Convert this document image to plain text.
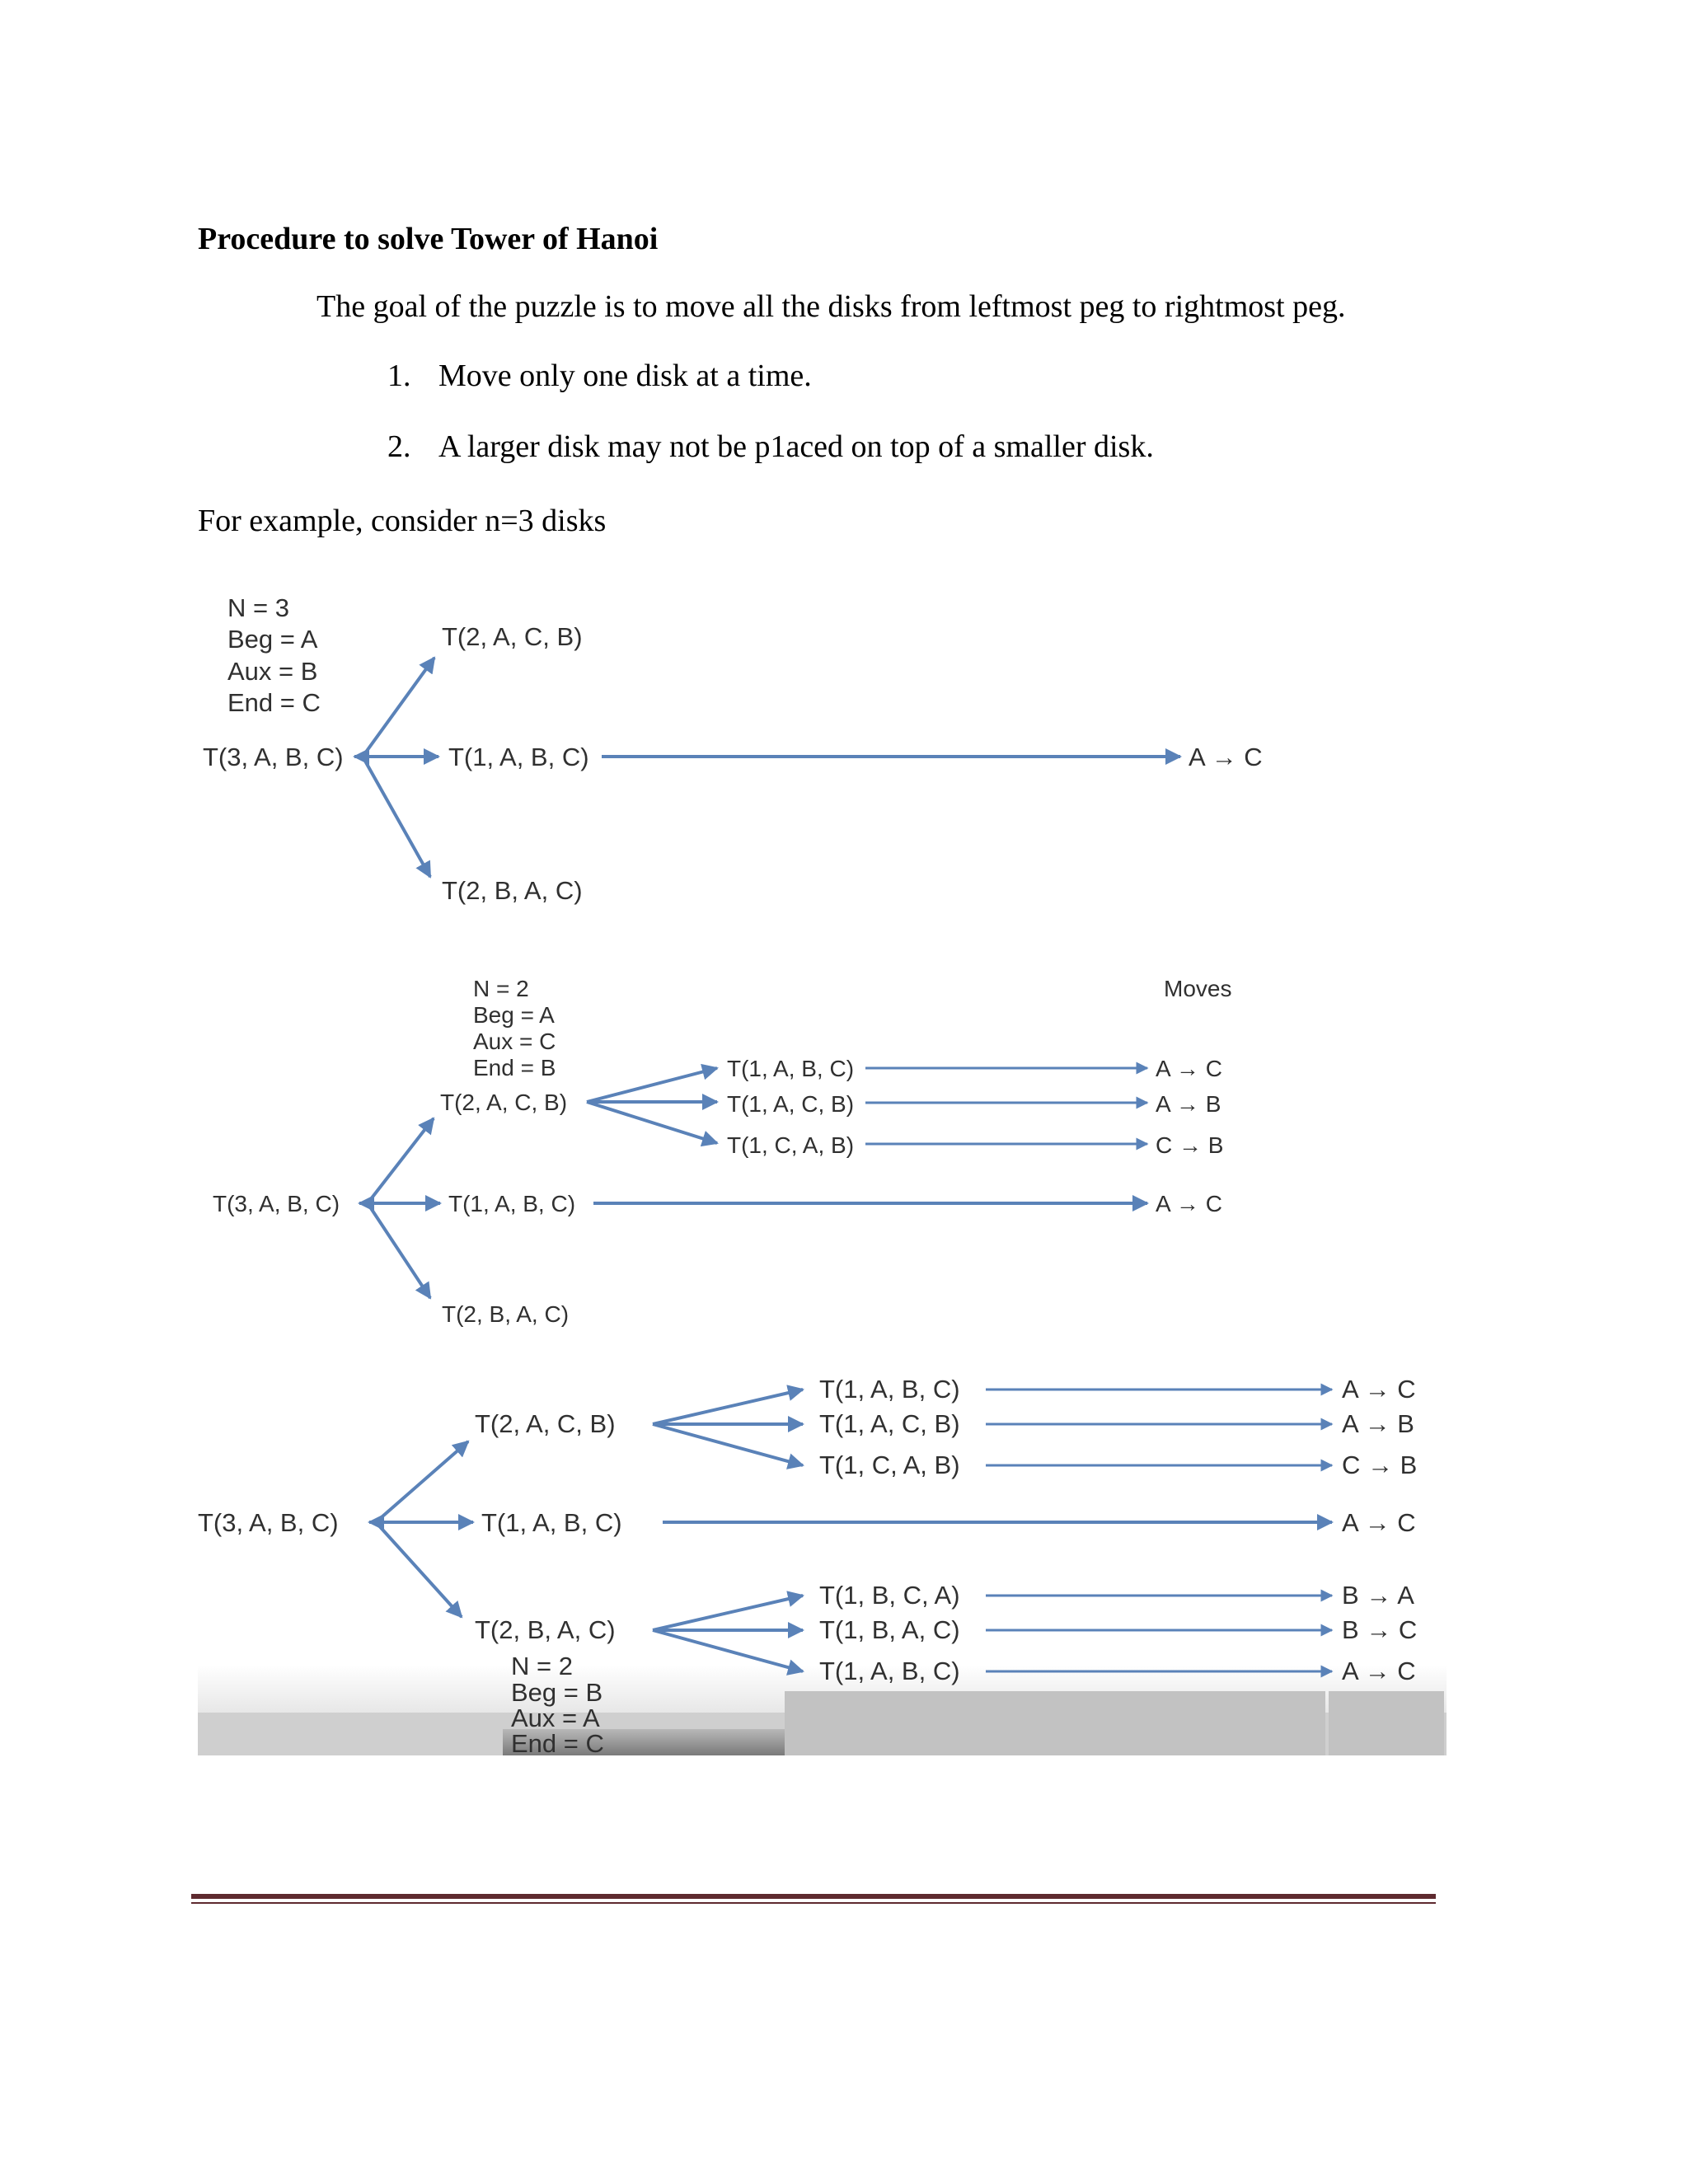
Procedure to solve Tower of Hanoi
The goal of the puzzle is to move all the disks from leftmost peg to rightmost peg.
1. Move only one disk at a time.
2. A larger disk may not be p1aced on top of a smaller disk.
For example, consider n=3 disks
N = 3
Beg = A
Aux = B
End = C
T(3, A, B, C)
T(2, A, C, B)
T(1, A, B, C)
T(2, B, A, C)
A → C
N = 2
Beg = A
Aux = C
End = B
Moves
T(2, A, C, B)
T(1, A, B, C)
T(1, A, C, B)
T(1, C, A, B)
A → C
A → B
C → B
T(3, A, B, C)	T(1, A, B, C)	A → C
T(2, B, A, C)
T(2, A, C, B)
T(1, A, B, C)
T(1, A, C, B)
T(1, C, A, B)
A → C
A → B
C → B
T(3, A, B, C)	T(1, A, B, C)	A → C
T(1, B, C, A)
T(1, B, A, C)
T(1, A, B, C)
B → A
B → C
A → C
T(2, B, A, C)
N = 2
Beg = B
Aux = A
End = C
